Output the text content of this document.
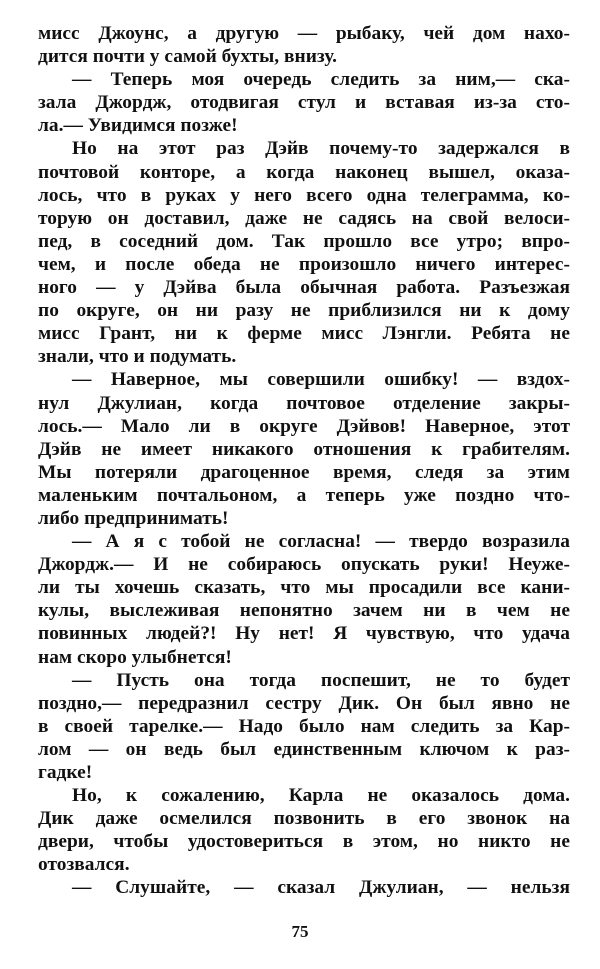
мисс Джоунс, а другую — рыбаку, чей дом нахо-
дится почти у самой бухты, внизу.
— Теперь моя очередь следить за ним,— ска-
зала Джордж, отодвигая стул и вставая из-за сто-
ла.— Увидимся позже!
Но на этот раз Дэйв почему-то задержался в
почтовой конторе, а когда наконец вышел, оказа-
лось, что в руках у него всего одна телеграмма, ко-
торую он доставил, даже не садясь на свой велоси-
пед, в соседний дом. Так прошло все утро; впро-
чем, и после обеда не произошло ничего интерес-
ного — у Дэйва была обычная работа. Разъезжая
по округе, он ни разу не приблизился ни к дому
мисс Грант, ни к ферме мисс Лэнгли. Ребята не
знали, что и подумать.
— Наверное, мы совершили ошибку! — вздох-
нул Джулиан, когда почтовое отделение закры-
лось.— Мало ли в округе Дэйвов! Наверное, этот
Дэйв не имеет никакого отношения к грабителям.
Мы потеряли драгоценное время, следя за этим
маленьким почтальоном, а теперь уже поздно что-
либо предпринимать!
— А я с тобой не согласна! — твердо возразила
Джордж.— И не собираюсь опускать руки! Неуже-
ли ты хочешь сказать, что мы просадили все кани-
кулы, выслеживая непонятно зачем ни в чем не
повинных людей?! Ну нет! Я чувствую, что удача
нам скоро улыбнется!
— Пусть она тогда поспешит, не то будет
поздно,— передразнил сестру Дик. Он был явно не
в своей тарелке.— Надо было нам следить за Кар-
лом — он ведь был единственным ключом к раз-
гадке!
Но, к сожалению, Карла не оказалось дома.
Дик даже осмелился позвонить в его звонок на
двери, чтобы удостовериться в этом, но никто не
отозвался.
— Слушайте, — сказал Джулиан, — нельзя
75
